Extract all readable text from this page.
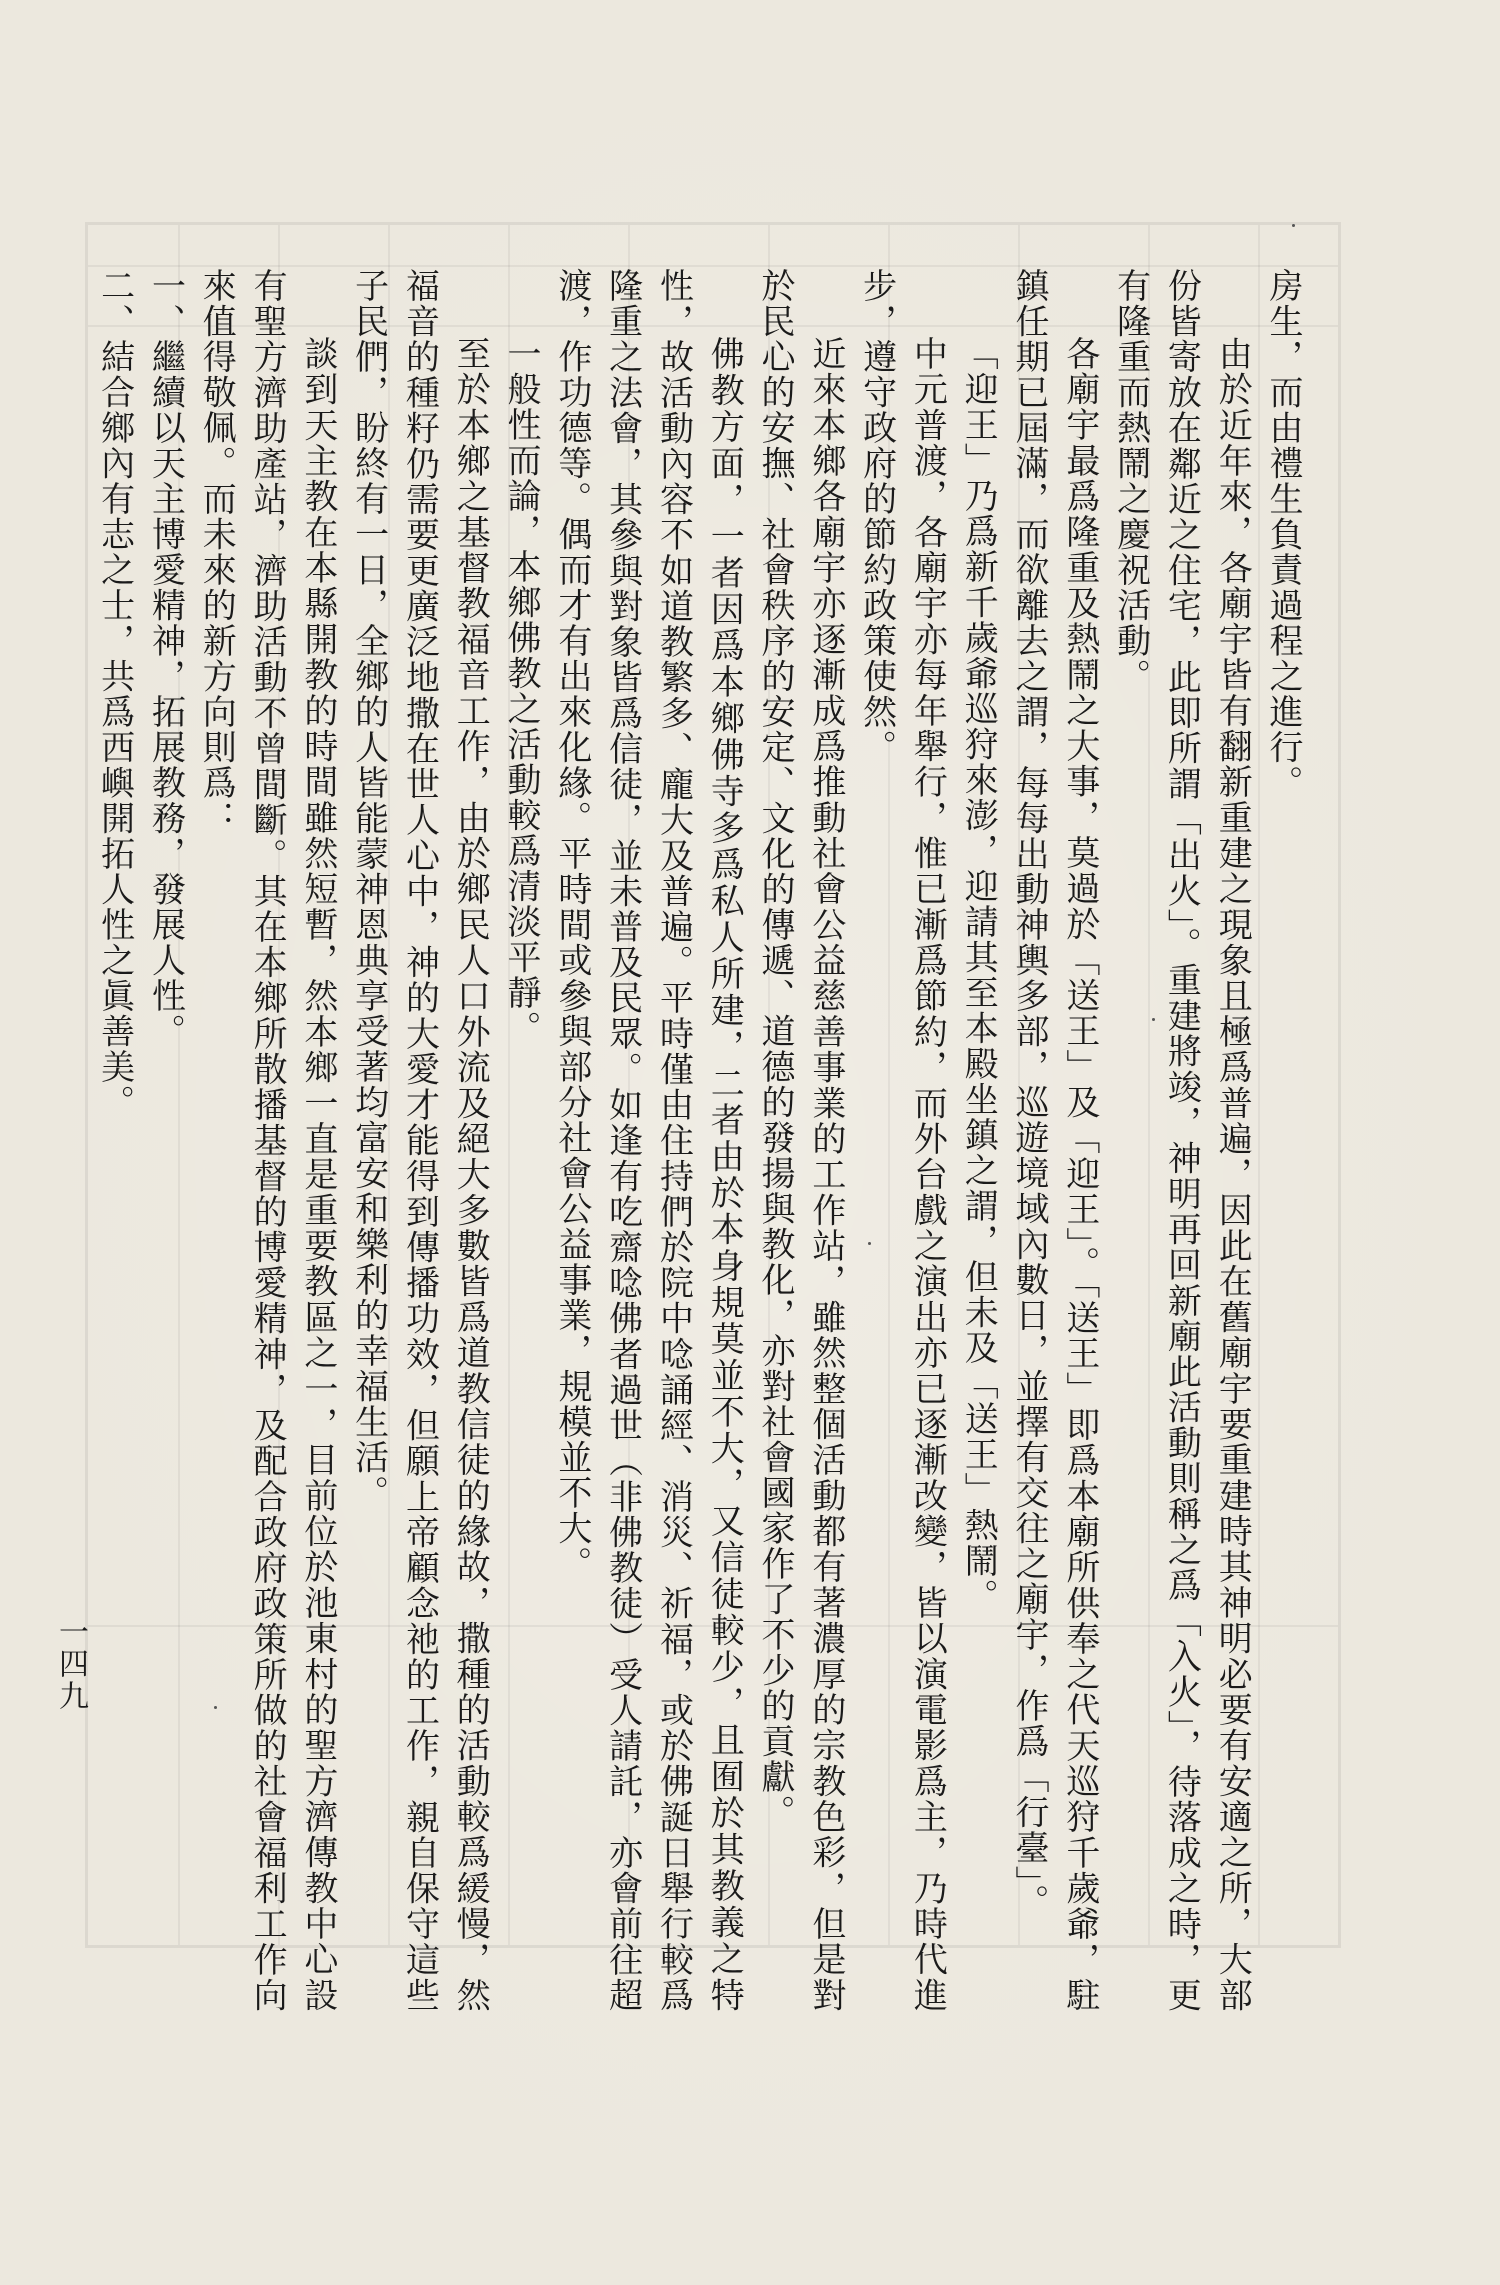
房生，而由禮生負責過程之進行。

由於近年來，各廟宇皆有翻新重建之現象且極爲普遍，因此在舊廟宇要重建時其神明必要有安適之所，大部份皆寄放在鄰近之住宅，此即所謂「出火」。重建將竣，神明再回新廟此活動則稱之爲「入火」，待落成之時，更有隆重而熱鬧之慶祝活動。

各廟宇最爲隆重及熱鬧之大事，莫過於「送王」及「迎王」。「送王」即爲本廟所供奉之代天巡狩千歲爺，駐鎮任期已屆滿，而欲離去之謂，每每出動神輿多部，巡遊境域內數日，並擇有交往之廟宇，作爲「行臺」。

「迎王」乃爲新千歲爺巡狩來澎，迎請其至本殿坐鎮之謂，但未及「送王」熱鬧。

中元普渡，各廟宇亦每年舉行，惟已漸爲節約，而外台戲之演出亦已逐漸改變，皆以演電影爲主，乃時代進步，遵守政府的節約政策使然。

近來本鄉各廟宇亦逐漸成爲推動社會公益慈善事業的工作站，雖然整個活動都有著濃厚的宗教色彩，但是對於民心的安撫、社會秩序的安定、文化的傳遞、道德的發揚與教化，亦對社會國家作了不少的貢獻。

佛教方面，一者因爲本鄉佛寺多爲私人所建，二者由於本身規莫並不大，又信徒較少，且囿於其教義之特性，故活動內容不如道教繁多、龐大及普遍。平時僅由住持們於院中唸誦經、消災、祈福，或於佛誕日舉行較爲隆重之法會，其參與對象皆爲信徒，並未普及民眾。如逢有吃齋唸佛者過世（非佛教徒）受人請託，亦會前往超渡，作功德等。偶而才有出來化緣。平時間或參與部分社會公益事業，規模並不大。

一般性而論，本鄉佛教之活動較爲清淡平靜。

至於本鄉之基督教福音工作，由於鄉民人口外流及絕大多數皆爲道教信徒的緣故，撒種的活動較爲緩慢，然福音的種籽仍需要更廣泛地撒在世人心中，神的大愛才能得到傳播功效，但願上帝顧念祂的工作，親自保守這些子民們，盼終有一日，全鄉的人皆能蒙神恩典享受著均富安和樂利的幸福生活。

談到天主教在本縣開教的時間雖然短暫，然本鄉一直是重要教區之一，目前位於池東村的聖方濟傳教中心設有聖方濟助產站，濟助活動不曾間斷。其在本鄉所散播基督的博愛精神，及配合政府政策所做的社會福利工作向來值得敬佩。而未來的新方向則爲：

一、繼續以天主博愛精神，拓展教務，發展人性。

二、結合鄉內有志之士，共爲西嶼開拓人性之眞善美。

一四九
